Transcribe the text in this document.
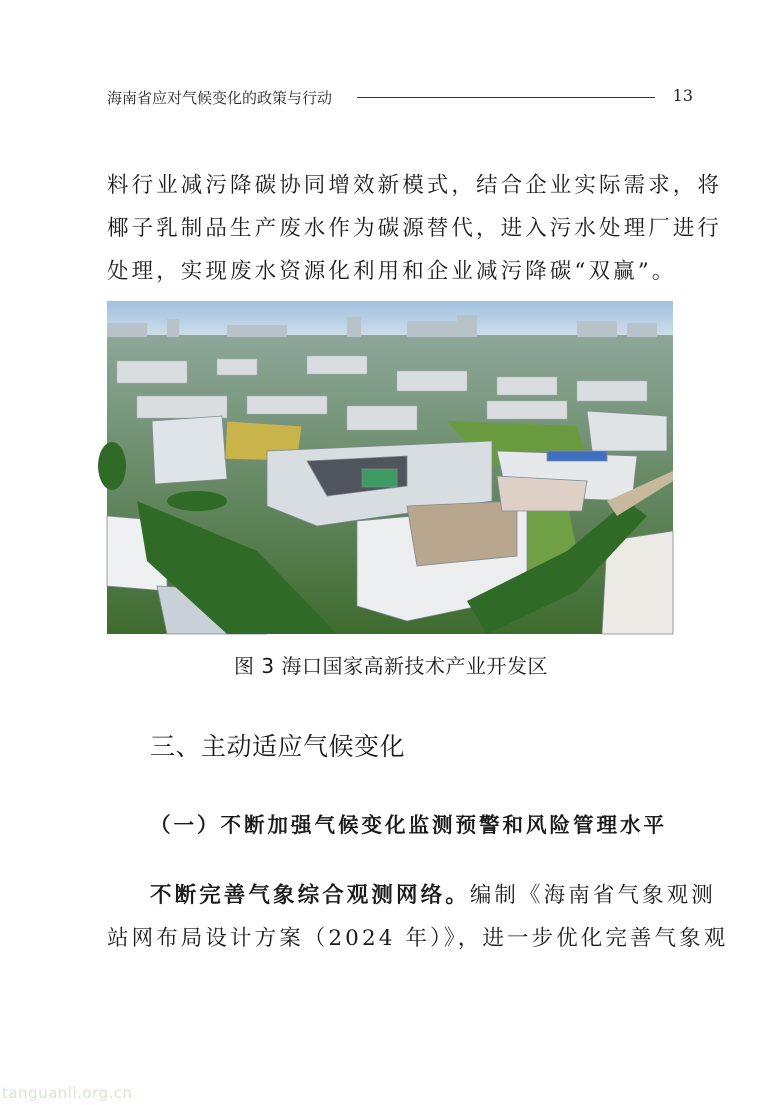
海南省应对气候变化的政策与行动	13
料行业减污降碳协同增效新模式，结合企业实际需求，将
椰子乳制品生产废水作为碳源替代，进入污水处理厂进行
处理，实现废水资源化利用和企业减污降碳“双赢”。
图 3 海口国家高新技术产业开发区
三、主动适应气候变化
（一）不断加强气候变化监测预警和风险管理水平
不断完善气象综合观测网络。编制《海南省气象观测
站网布局设计方案（2024 年）》，进一步优化完善气象观
tanguanli.org.cn
